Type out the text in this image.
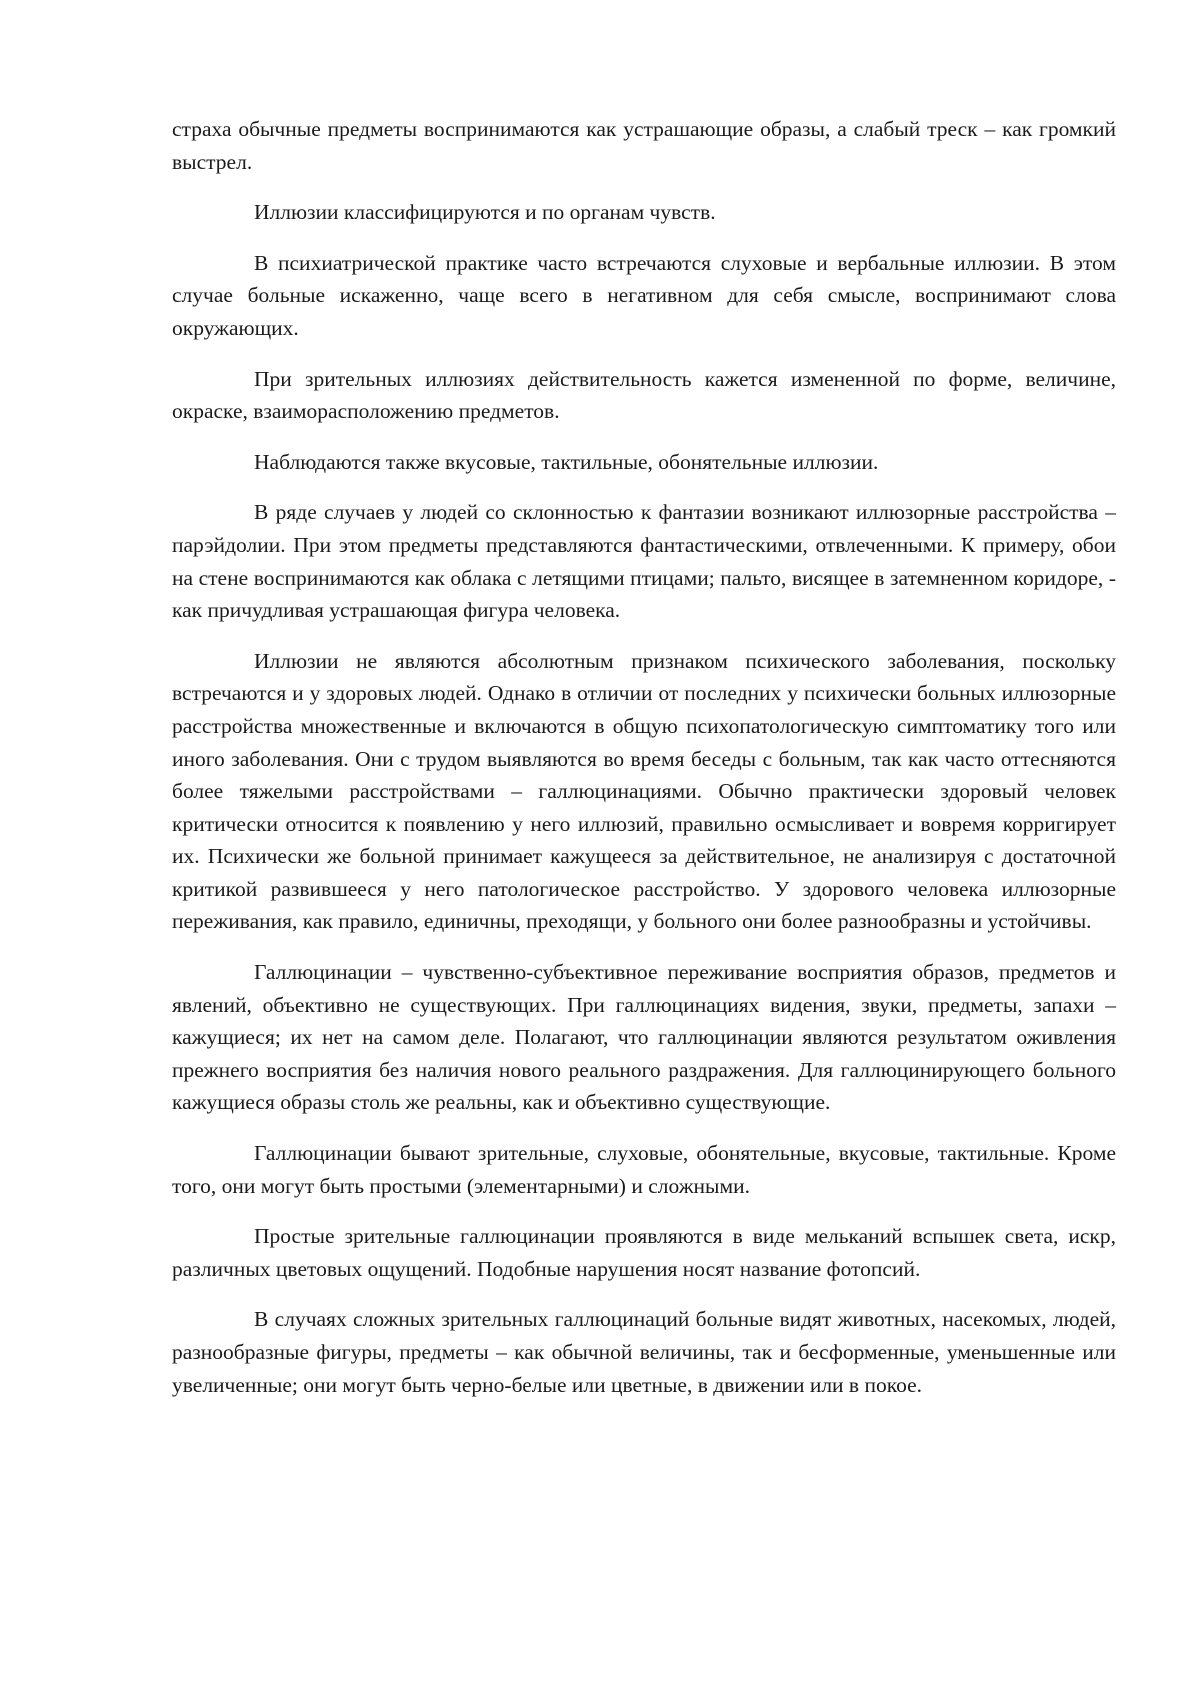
страха обычные предметы воспринимаются как устрашающие образы, а слабый треск – как громкий выстрел.

Иллюзии классифицируются и по органам чувств.

В психиатрической практике часто встречаются слуховые и вербальные иллюзии. В этом случае больные искаженно, чаще всего в негативном для себя смысле, воспринимают слова окружающих.

При зрительных иллюзиях действительность кажется измененной по форме, величине, окраске, взаиморасположению предметов.

Наблюдаются также вкусовые, тактильные, обонятельные иллюзии.

В ряде случаев у людей со склонностью к фантазии возникают иллюзорные расстройства – парэйдолии. При этом предметы представляются фантастическими, отвлеченными. К примеру, обои на стене воспринимаются как облака с летящими птицами; пальто, висящее в затемненном коридоре, - как причудливая устрашающая фигура человека.

Иллюзии не являются абсолютным признаком психического заболевания, поскольку встречаются и у здоровых людей. Однако в отличии от последних у психически больных иллюзорные расстройства множественные и включаются в общую психопатологическую симптоматику того или иного заболевания. Они с трудом выявляются во время беседы с больным, так как часто оттесняются более тяжелыми расстройствами – галлюцинациями. Обычно практически здоровый человек критически относится к появлению у него иллюзий, правильно осмысливает и вовремя корригирует их. Психически же больной принимает кажущееся за действительное, не анализируя с достаточной критикой развившееся у него патологическое расстройство. У здорового человека иллюзорные переживания, как правило, единичны, преходящи, у больного они более разнообразны и устойчивы.

Галлюцинации – чувственно-субъективное переживание восприятия образов, предметов и явлений, объективно не существующих. При галлюцинациях видения, звуки, предметы, запахи – кажущиеся; их нет на самом деле. Полагают, что галлюцинации являются результатом оживления прежнего восприятия без наличия нового реального раздражения. Для галлюцинирующего больного кажущиеся образы столь же реальны, как и объективно существующие.

Галлюцинации бывают зрительные, слуховые, обонятельные, вкусовые, тактильные. Кроме того, они могут быть простыми (элементарными) и сложными.

Простые зрительные галлюцинации проявляются в виде мельканий вспышек света, искр, различных цветовых ощущений. Подобные нарушения носят название фотопсий.

В случаях сложных зрительных галлюцинаций больные видят животных, насекомых, людей, разнообразные фигуры, предметы – как обычной величины, так и бесформенные, уменьшенные или увеличенные; они могут быть черно-белые или цветные, в движении или в покое.
